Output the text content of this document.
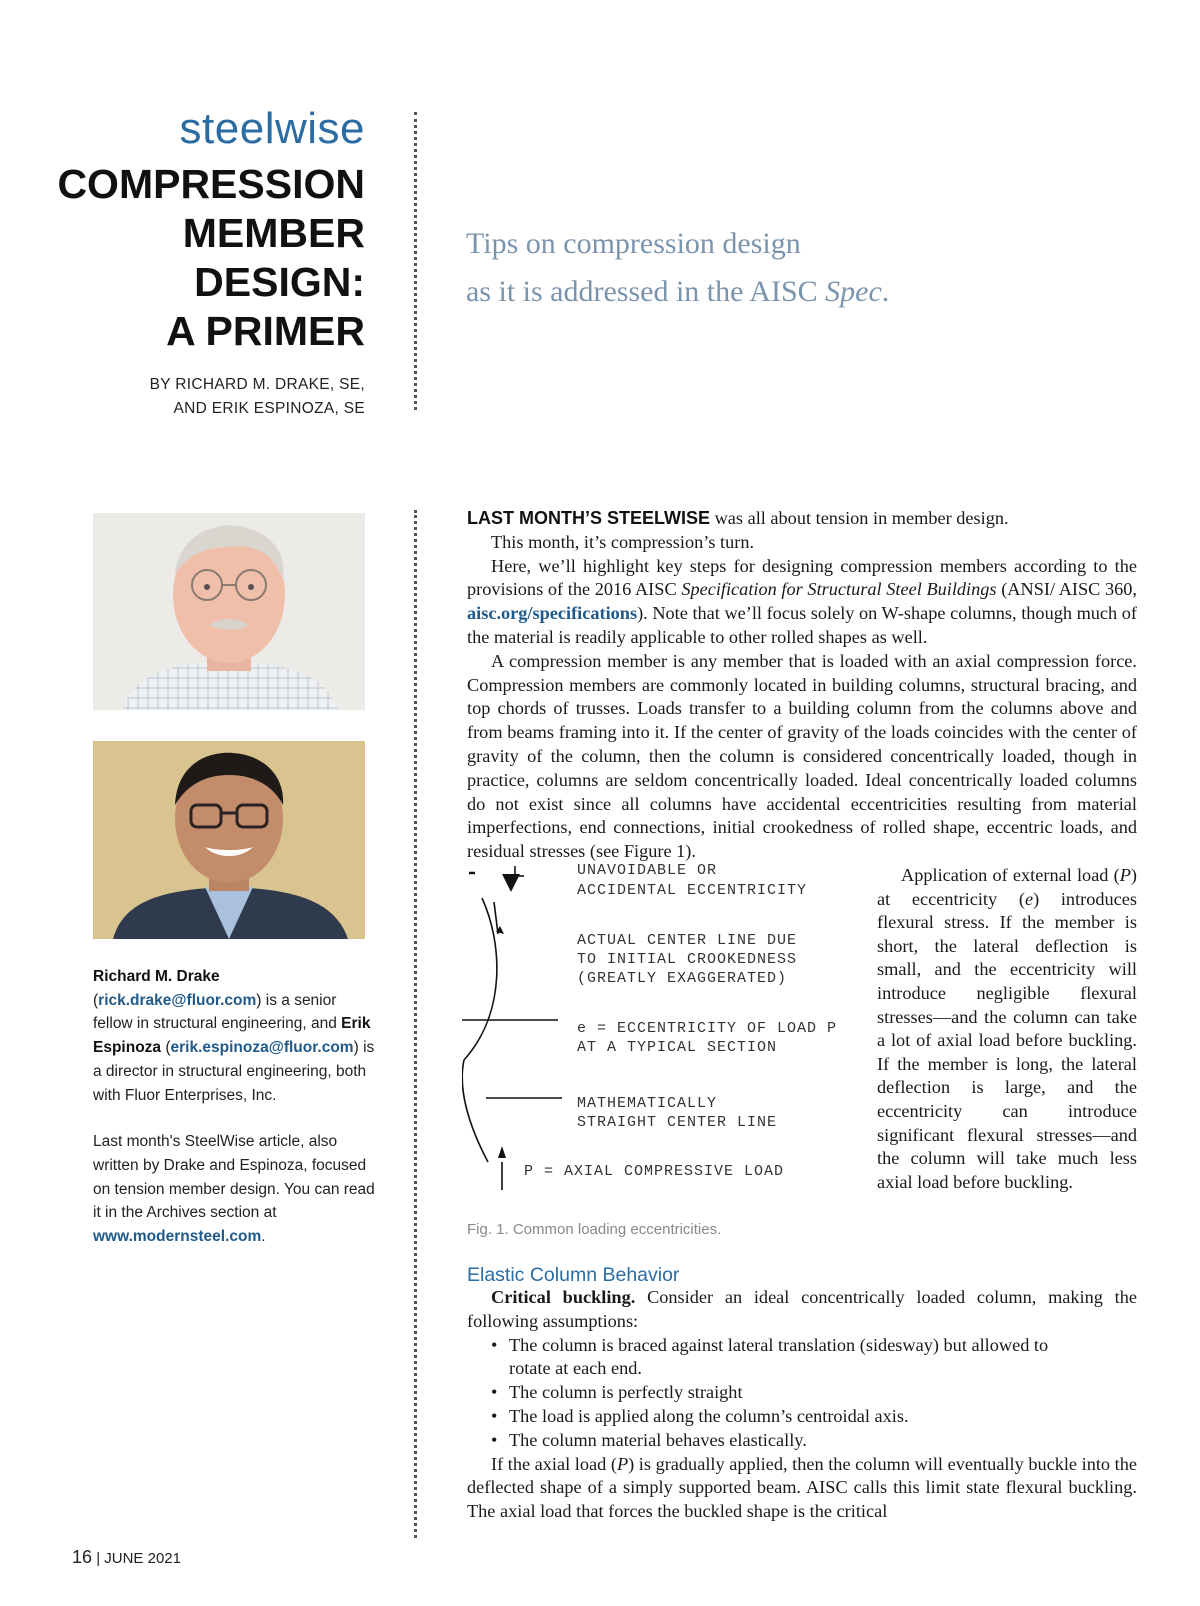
steelwise
COMPRESSION
MEMBER
DESIGN:
A PRIMER
BY RICHARD M. DRAKE, SE,
AND ERIK ESPINOZA, SE
Tips on compression design
as it is addressed in the AISC Spec.

Richard M. Drake (rick.drake@fluor.com) is a senior fellow in structural engineering, and Erik Espinoza (erik.espinoza@fluor.com) is a director in structural engineering, both with Fluor Enterprises, Inc.

Last month's SteelWise article, also written by Drake and Espinoza, focused on tension member design. You can read it in the Archives section at www.modernsteel.com.

LAST MONTH’S STEELWISE was all about tension in member design.

This month, it’s compression’s turn.

Here, we’ll highlight key steps for designing compression members according to the provisions of the 2016 AISC Specification for Structural Steel Buildings (ANSI/ AISC 360, aisc.org/specifications). Note that we’ll focus solely on W-shape columns, though much of the material is readily applicable to other rolled shapes as well.

A compression member is any member that is loaded with an axial compression force. Compression members are commonly located in building columns, structural bracing, and top chords of trusses. Loads transfer to a building column from the columns above and from beams framing into it. If the center of gravity of the loads coincides with the center of gravity of the column, then the column is considered concentrically loaded, though in practice, columns are seldom concentrically loaded. Ideal concentrically loaded columns do not exist since all columns have accidental eccentricities resulting from material imperfections, end connections, initial crookedness of rolled shape, eccentric loads, and residual stresses (see Figure 1).

UNAVOIDABLE OR
ACCIDENTAL ECCENTRICITY
ACTUAL CENTER LINE DUE
TO INITIAL CROOKEDNESS
(GREATLY EXAGGERATED)
e = ECCENTRICITY OF LOAD P
AT A TYPICAL SECTION
MATHEMATICALLY
STRAIGHT CENTER LINE
P = AXIAL COMPRESSIVE LOAD
Fig. 1. Common loading eccentricities.

Application of external load (P) at eccentricity (e) introduces flexural stress. If the member is short, the lateral deflection is small, and the eccentricity will introduce negligible flexural stresses—and the column can take a lot of axial load before buckling. If the member is long, the lateral deflection is large, and the eccentricity can introduce significant flexural stresses—and the column will take much less axial load before buckling.

Elastic Column Behavior

Critical buckling. Consider an ideal concentrically loaded column, making the following assumptions:

• The column is braced against lateral translation (sidesway) but allowed to rotate at each end.
• The column is perfectly straight
• The load is applied along the column’s centroidal axis.
• The column material behaves elastically.

If the axial load (P) is gradually applied, then the column will eventually buckle into the deflected shape of a simply supported beam. AISC calls this limit state flexural buckling. The axial load that forces the buckled shape is the critical

16 | JUNE 2021
